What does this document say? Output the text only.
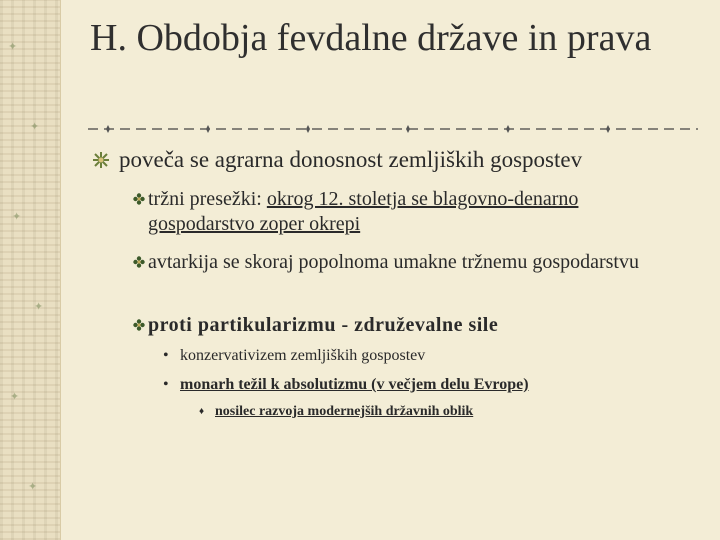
✦
✦
✦
✦
✦
✦
H. Obdobja fevdalne države in prava
poveča se agrarna donosnost zemljiških gospostev
tržni presežki: okrog 12. stoletja se blagovno-denarno gospodarstvo zoper okrepi
avtarkija se skoraj popolnoma umakne tržnemu gospodarstvu
proti partikularizmu - združevalne sile
• konzervativizem zemljiških gospostev
• monarh težil k absolutizmu (v večjem delu Evrope)
♦ nosilec razvoja modernejših državnih oblik
